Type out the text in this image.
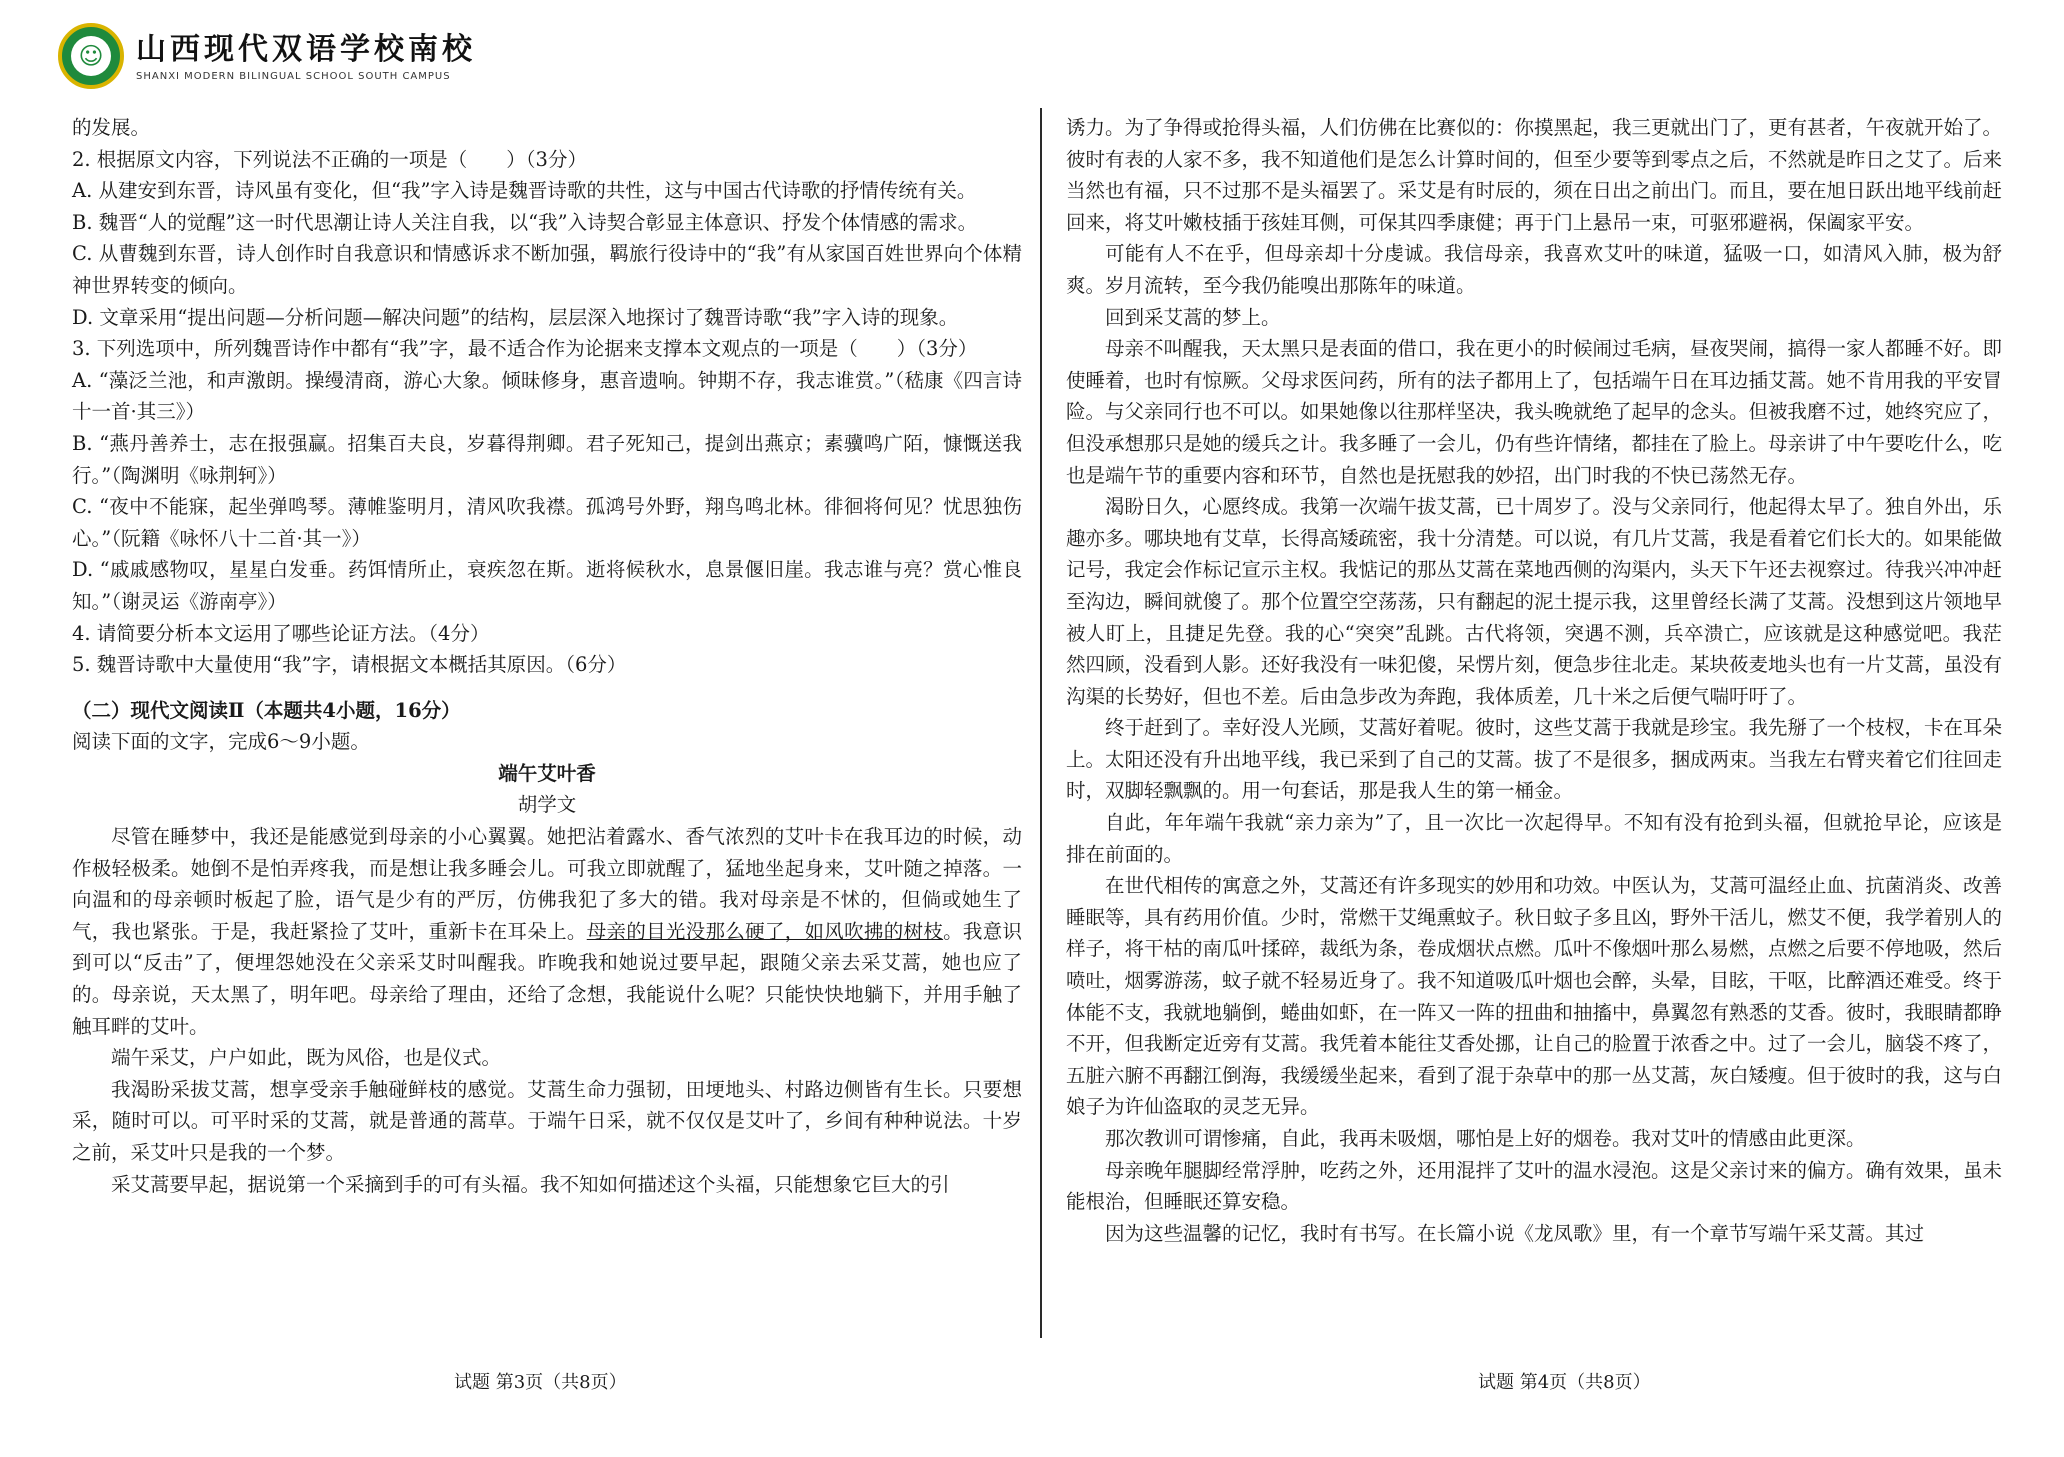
☺ 山西现代双语学校南校
SHANXI MODERN BILINGUAL SCHOOL SOUTH CAMPUS

的发展。

2. 根据原文内容，下列说法不正确的一项是（　　）（3分）

A. 从建安到东晋，诗风虽有变化，但“我”字入诗是魏晋诗歌的共性，这与中国古代诗歌的抒情传统有关。

B. 魏晋“人的觉醒”这一时代思潮让诗人关注自我，以“我”入诗契合彰显主体意识、抒发个体情感的需求。

C. 从曹魏到东晋，诗人创作时自我意识和情感诉求不断加强，羁旅行役诗中的“我”有从家国百姓世界向个体精神世界转变的倾向。

D. 文章采用“提出问题—分析问题—解决问题”的结构，层层深入地探讨了魏晋诗歌“我”字入诗的现象。

3. 下列选项中，所列魏晋诗作中都有“我”字，最不适合作为论据来支撑本文观点的一项是（　　）（3分）

A. “藻泛兰池，和声激朗。操缦清商，游心大象。倾昧修身，惠音遗响。钟期不存，我志谁赏。”（嵇康《四言诗十一首·其三》）

B. “燕丹善养士，志在报强赢。招集百夫良，岁暮得荆卿。君子死知己，提剑出燕京；素骥鸣广陌，慷慨送我行。”（陶渊明《咏荆轲》）

C. “夜中不能寐，起坐弹鸣琴。薄帷鉴明月，清风吹我襟。孤鸿号外野，翔鸟鸣北林。徘徊将何见？忧思独伤心。”（阮籍《咏怀八十二首·其一》）

D. “戚戚感物叹，星星白发垂。药饵情所止，衰疾忽在斯。逝将候秋水，息景偃旧崖。我志谁与亮？赏心惟良知。”（谢灵运《游南亭》）

4. 请简要分析本文运用了哪些论证方法。（4分）

5. 魏晋诗歌中大量使用“我”字，请根据文本概括其原因。（6分）

（二）现代文阅读Ⅱ（本题共4小题，16分）

阅读下面的文字，完成6～9小题。

端午艾叶香

胡学文

尽管在睡梦中，我还是能感觉到母亲的小心翼翼。她把沾着露水、香气浓烈的艾叶卡在我耳边的时候，动作极轻极柔。她倒不是怕弄疼我，而是想让我多睡会儿。可我立即就醒了，猛地坐起身来，艾叶随之掉落。一向温和的母亲顿时板起了脸，语气是少有的严厉，仿佛我犯了多大的错。我对母亲是不怵的，但倘或她生了气，我也紧张。于是，我赶紧捡了艾叶，重新卡在耳朵上。母亲的目光没那么硬了，如风吹拂的树枝。我意识到可以“反击”了，便埋怨她没在父亲采艾时叫醒我。昨晚我和她说过要早起，跟随父亲去采艾蒿，她也应了的。母亲说，天太黑了，明年吧。母亲给了理由，还给了念想，我能说什么呢？只能快快地躺下，并用手触了触耳畔的艾叶。

端午采艾，户户如此，既为风俗，也是仪式。

我渴盼采拔艾蒿，想享受亲手触碰鲜枝的感觉。艾蒿生命力强韧，田埂地头、村路边侧皆有生长。只要想采，随时可以。可平时采的艾蒿，就是普通的蒿草。于端午日采，就不仅仅是艾叶了，乡间有种种说法。十岁之前，采艾叶只是我的一个梦。

采艾蒿要早起，据说第一个采摘到手的可有头福。我不知如何描述这个头福，只能想象它巨大的引

诱力。为了争得或抢得头福，人们仿佛在比赛似的：你摸黑起，我三更就出门了，更有甚者，午夜就开始了。彼时有表的人家不多，我不知道他们是怎么计算时间的，但至少要等到零点之后，不然就是昨日之艾了。后来当然也有福，只不过那不是头福罢了。采艾是有时辰的，须在日出之前出门。而且，要在旭日跃出地平线前赶回来，将艾叶嫩枝插于孩娃耳侧，可保其四季康健；再于门上悬吊一束，可驱邪避祸，保阖家平安。

可能有人不在乎，但母亲却十分虔诚。我信母亲，我喜欢艾叶的味道，猛吸一口，如清风入肺，极为舒爽。岁月流转，至今我仍能嗅出那陈年的味道。

回到采艾蒿的梦上。

母亲不叫醒我，天太黑只是表面的借口，我在更小的时候闹过毛病，昼夜哭闹，搞得一家人都睡不好。即使睡着，也时有惊厥。父母求医问药，所有的法子都用上了，包括端午日在耳边插艾蒿。她不肯用我的平安冒险。与父亲同行也不可以。如果她像以往那样坚决，我头晚就绝了起早的念头。但被我磨不过，她终究应了，但没承想那只是她的缓兵之计。我多睡了一会儿，仍有些许情绪，都挂在了脸上。母亲讲了中午要吃什么，吃也是端午节的重要内容和环节，自然也是抚慰我的妙招，出门时我的不快已荡然无存。

渴盼日久，心愿终成。我第一次端午拔艾蒿，已十周岁了。没与父亲同行，他起得太早了。独自外出，乐趣亦多。哪块地有艾草，长得高矮疏密，我十分清楚。可以说，有几片艾蒿，我是看着它们长大的。如果能做记号，我定会作标记宣示主权。我惦记的那丛艾蒿在菜地西侧的沟渠内，头天下午还去视察过。待我兴冲冲赶至沟边，瞬间就傻了。那个位置空空荡荡，只有翻起的泥土提示我，这里曾经长满了艾蒿。没想到这片领地早被人盯上，且捷足先登。我的心“突突”乱跳。古代将领，突遇不测，兵卒溃亡，应该就是这种感觉吧。我茫然四顾，没看到人影。还好我没有一味犯傻，呆愣片刻，便急步往北走。某块莜麦地头也有一片艾蒿，虽没有沟渠的长势好，但也不差。后由急步改为奔跑，我体质差，几十米之后便气喘吁吁了。

终于赶到了。幸好没人光顾，艾蒿好着呢。彼时，这些艾蒿于我就是珍宝。我先掰了一个枝杈，卡在耳朵上。太阳还没有升出地平线，我已采到了自己的艾蒿。拔了不是很多，捆成两束。当我左右臂夹着它们往回走时，双脚轻飘飘的。用一句套话，那是我人生的第一桶金。

自此，年年端午我就“亲力亲为”了，且一次比一次起得早。不知有没有抢到头福，但就抢早论，应该是排在前面的。

在世代相传的寓意之外，艾蒿还有许多现实的妙用和功效。中医认为，艾蒿可温经止血、抗菌消炎、改善睡眠等，具有药用价值。少时，常燃干艾绳熏蚊子。秋日蚊子多且凶，野外干活儿，燃艾不便，我学着别人的样子，将干枯的南瓜叶揉碎，裁纸为条，卷成烟状点燃。瓜叶不像烟叶那么易燃，点燃之后要不停地吸，然后喷吐，烟雾游荡，蚊子就不轻易近身了。我不知道吸瓜叶烟也会醉，头晕，目眩，干呕，比醉酒还难受。终于体能不支，我就地躺倒，蜷曲如虾，在一阵又一阵的扭曲和抽搐中，鼻翼忽有熟悉的艾香。彼时，我眼睛都睁不开，但我断定近旁有艾蒿。我凭着本能往艾香处挪，让自己的脸置于浓香之中。过了一会儿，脑袋不疼了，五脏六腑不再翻江倒海，我缓缓坐起来，看到了混于杂草中的那一丛艾蒿，灰白矮瘦。但于彼时的我，这与白娘子为许仙盗取的灵芝无异。

那次教训可谓惨痛，自此，我再未吸烟，哪怕是上好的烟卷。我对艾叶的情感由此更深。

母亲晚年腿脚经常浮肿，吃药之外，还用混拌了艾叶的温水浸泡。这是父亲讨来的偏方。确有效果，虽未能根治，但睡眠还算安稳。

因为这些温馨的记忆，我时有书写。在长篇小说《龙凤歌》里，有一个章节写端午采艾蒿。其过

试题 第3页（共8页）	试题 第4页（共8页）
